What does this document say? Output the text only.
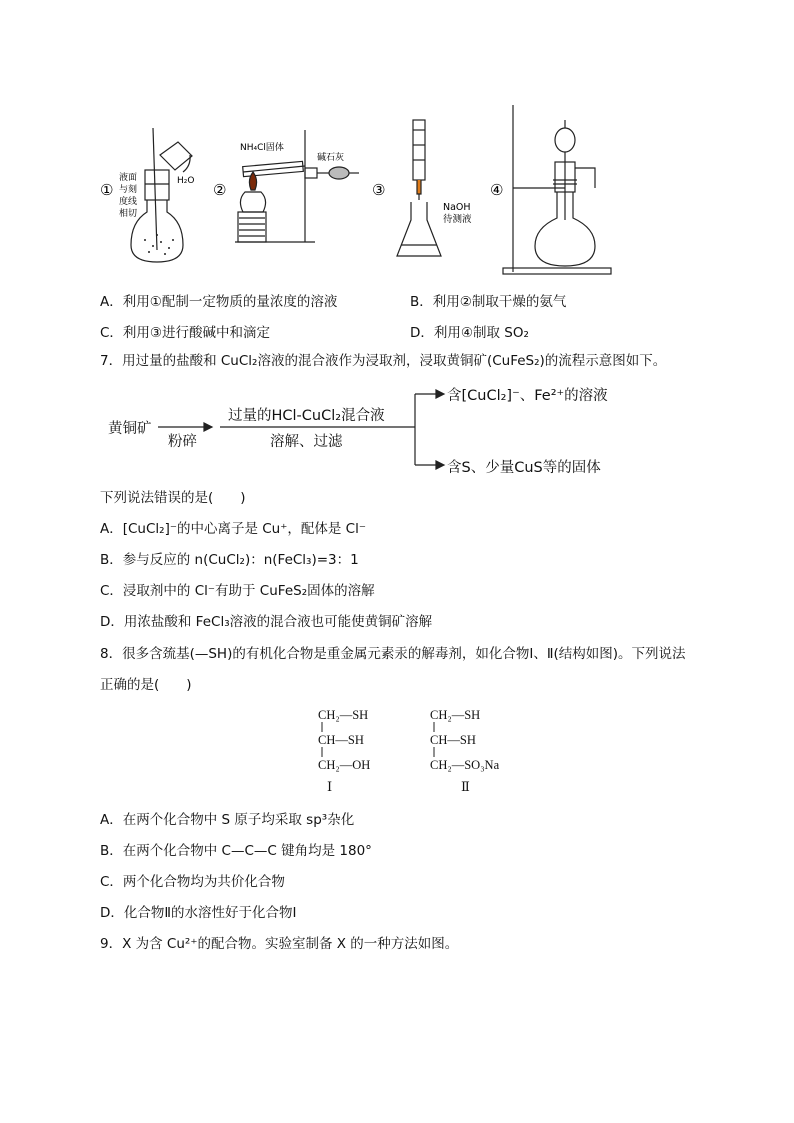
①	H₂O
液面
与刻
度线
相切
②
NH₄Cl固体
碱石灰
③
NaOH
待测液
④
A．利用①配制一定物质的量浓度的溶液	B．利用②制取干燥的氨气
C．利用③进行酸碱中和滴定	D．利用④制取 SO₂
7．用过量的盐酸和 CuCl₂溶液的混合液作为浸取剂，浸取黄铜矿(CuFeS₂)的流程示意图如下。
黄铜矿
粉碎
过量的HCl-CuCl₂混合液
溶解、过滤
含[CuCl₂]⁻、Fe²⁺的溶液
含S、少量CuS等的固体
下列说法错误的是(　　)
A．[CuCl₂]⁻的中心离子是 Cu⁺，配体是 Cl⁻
B．参与反应的 n(CuCl₂)：n(FeCl₃)=3：1
C．浸取剂中的 Cl⁻有助于 CuFeS₂固体的溶解
D．用浓盐酸和 FeCl₃溶液的混合液也可能使黄铜矿溶解
8．很多含巯基(—SH)的有机化合物是重金属元素汞的解毒剂，如化合物Ⅰ、Ⅱ(结构如图)。下列说法
正确的是(　　)
CH₂—SH
CH—SH
CH₂—OH
Ⅰ
CH₂—SH
CH—SH
CH₂—SO₃Na
Ⅱ
A．在两个化合物中 S 原子均采取 sp³杂化
B．在两个化合物中 C—C—C 键角均是 180°
C．两个化合物均为共价化合物
D．化合物Ⅱ的水溶性好于化合物Ⅰ
9．X 为含 Cu²⁺的配合物。实验室制备 X 的一种方法如图。
